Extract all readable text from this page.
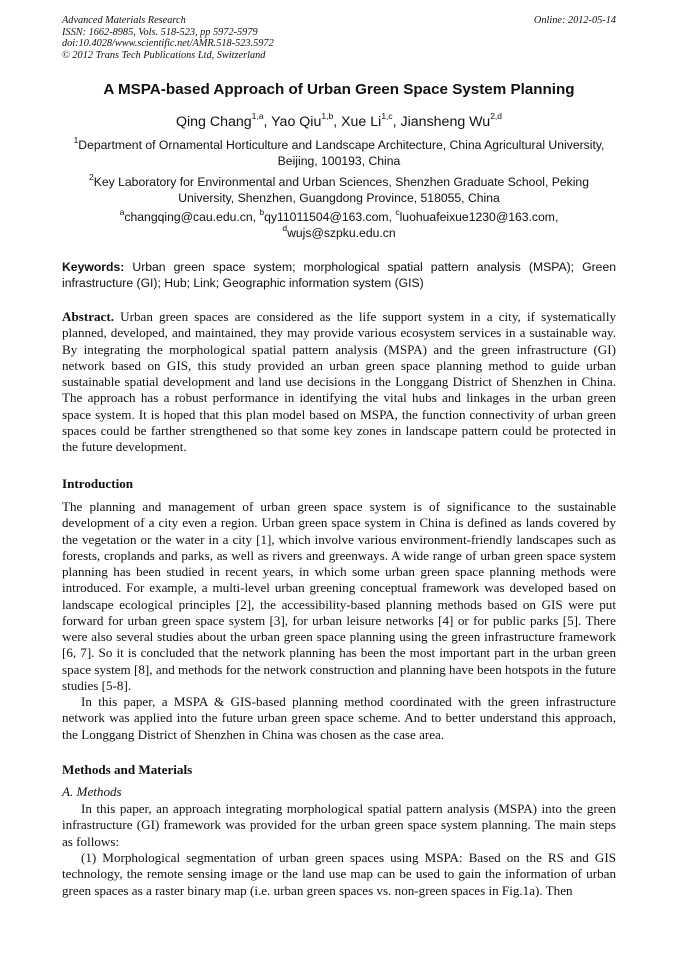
Advanced Materials Research
ISSN: 1662-8985, Vols. 518-523, pp 5972-5979
doi:10.4028/www.scientific.net/AMR.518-523.5972
© 2012 Trans Tech Publications Ltd, Switzerland
Online: 2012-05-14
A MSPA-based Approach of Urban Green Space System Planning
Qing Chang$^{1,a}$, Yao Qiu$^{1,b}$, Xue Li$^{1,c}$, Jiansheng Wu$^{2,d}$
$^1$Department of Ornamental Horticulture and Landscape Architecture, China Agricultural University, Beijing, 100193, China
$^2$Key Laboratory for Environmental and Urban Sciences, Shenzhen Graduate School, Peking University, Shenzhen, Guangdong Province, 518055, China
$^a$changqing@cau.edu.cn, $^b$qy11011504@163.com, $^c$luohuafeixue1230@163.com, $^d$wujs@szpku.edu.cn
Keywords: Urban green space system; morphological spatial pattern analysis (MSPA); Green infrastructure (GI); Hub; Link; Geographic information system (GIS)
Abstract. Urban green spaces are considered as the life support system in a city, if systematically planned, developed, and maintained, they may provide various ecosystem services in a sustainable way. By integrating the morphological spatial pattern analysis (MSPA) and the green infrastructure (GI) network based on GIS, this study provided an urban green space planning method to guide urban sustainable spatial development and land use decisions in the Longgang District of Shenzhen in China. The approach has a robust performance in identifying the vital hubs and linkages in the urban green space system. It is hoped that this plan model based on MSPA, the function connectivity of urban green spaces could be farther strengthened so that some key zones in landscape pattern could be protected in the future development.
Introduction
The planning and management of urban green space system is of significance to the sustainable development of a city even a region. Urban green space system in China is defined as lands covered by the vegetation or the water in a city [1], which involve various environment-friendly landscapes such as forests, croplands and parks, as well as rivers and greenways. A wide range of urban green space system planning has been studied in recent years, in which some urban green space planning methods were introduced. For example, a multi-level urban greening conceptual framework was developed based on landscape ecological principles [2], the accessibility-based planning methods based on GIS were put forward for urban green space system [3], for urban leisure networks [4] or for public parks [5]. There were also several studies about the urban green space planning using the green infrastructure framework [6, 7]. So it is concluded that the network planning has been the most important part in the urban green space system [8], and methods for the network construction and planning have been hotspots in the future studies [5-8].
In this paper, a MSPA & GIS-based planning method coordinated with the green infrastructure network was applied into the future urban green space scheme. And to better understand this approach, the Longgang District of Shenzhen in China was chosen as the case area.
Methods and Materials
A. Methods
In this paper, an approach integrating morphological spatial pattern analysis (MSPA) into the green infrastructure (GI) framework was provided for the urban green space system planning. The main steps as follows:
(1) Morphological segmentation of urban green spaces using MSPA: Based on the RS and GIS technology, the remote sensing image or the land use map can be used to gain the information of urban green spaces as a raster binary map (i.e. urban green spaces vs. non-green spaces in Fig.1a). Then
